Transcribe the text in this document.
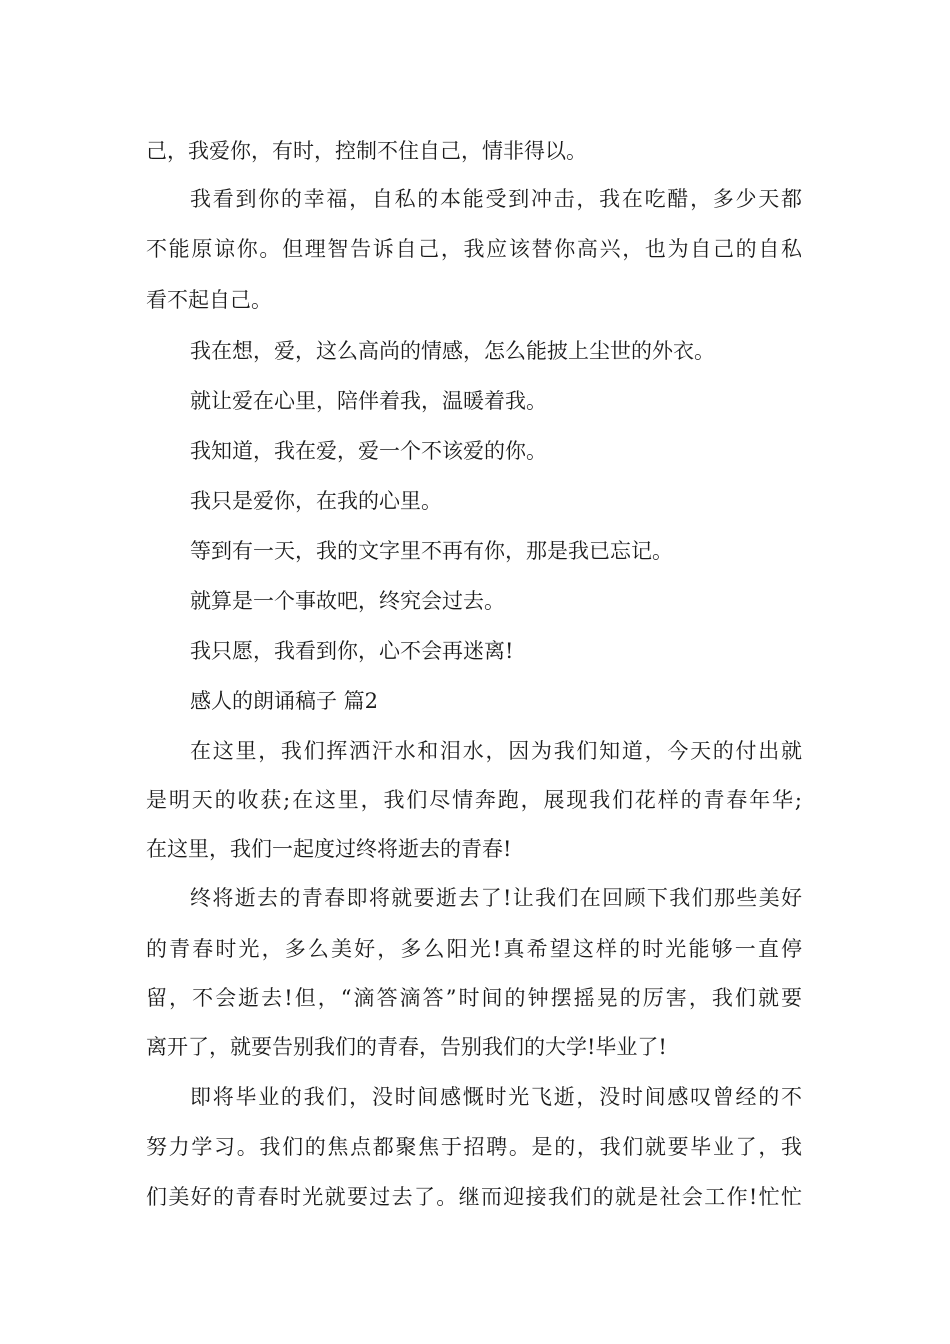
己，我爱你，有时，控制不住自己，情非得以。
我看到你的幸福，自私的本能受到冲击，我在吃醋，多少天都
不能原谅你。但理智告诉自己，我应该替你高兴，也为自己的自私
看不起自己。
我在想，爱，这么高尚的情感，怎么能披上尘世的外衣。
就让爱在心里，陪伴着我，温暖着我。
我知道，我在爱，爱一个不该爱的你。
我只是爱你，在我的心里。
等到有一天，我的文字里不再有你，那是我已忘记。
就算是一个事故吧，终究会过去。
我只愿，我看到你，心不会再迷离!
感人的朗诵稿子 篇2
在这里，我们挥洒汗水和泪水，因为我们知道，今天的付出就
是明天的收获;在这里，我们尽情奔跑，展现我们花样的青春年华;
在这里，我们一起度过终将逝去的青春!
终将逝去的青春即将就要逝去了!让我们在回顾下我们那些美好
的青春时光，多么美好，多么阳光!真希望这样的时光能够一直停
留，不会逝去!但，“滴答滴答”时间的钟摆摇晃的厉害，我们就要
离开了，就要告别我们的青春，告别我们的大学!毕业了!
即将毕业的我们，没时间感慨时光飞逝，没时间感叹曾经的不
努力学习。我们的焦点都聚焦于招聘。是的，我们就要毕业了，我
们美好的青春时光就要过去了。继而迎接我们的就是社会工作!忙忙
